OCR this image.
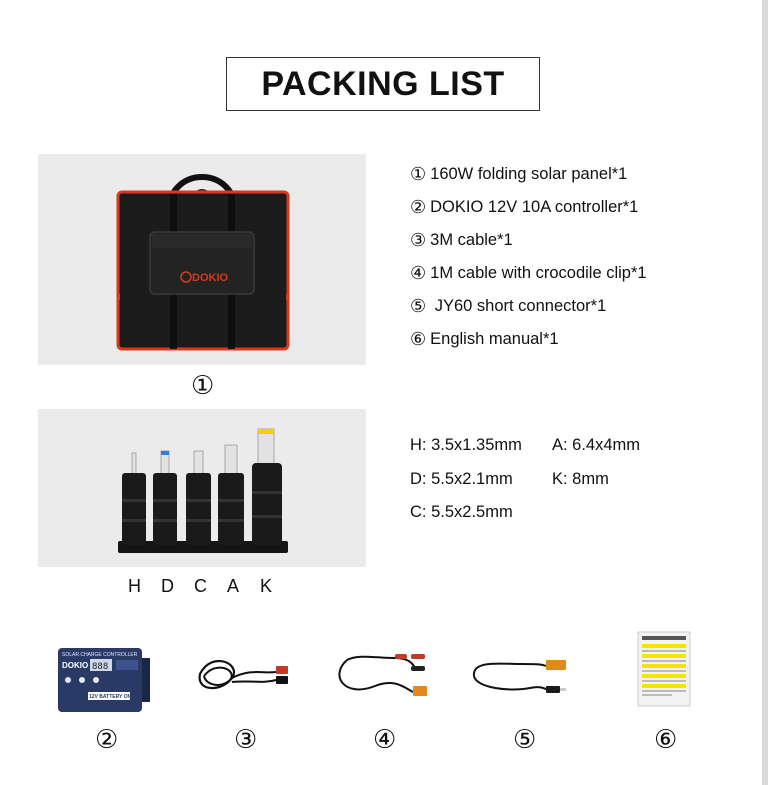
PACKING LIST
DOKIO
①
① 160W folding solar panel*1
② DOKIO 12V 10A controller*1
③ 3M cable*1
④ 1M cable with crocodile clip*1
⑤ JY60 short connector*1
⑥ English manual*1
H	D	C	A	K
H: 3.5x1.35mm A: 6.4x4mm
D: 5.5x2.1mm K: 8mm
C: 5.5x2.5mm
SOLAR CHARGE CONTROLLER
DOKIO 888
12V BATTERY ONLY
②	③	④	⑤	⑥
